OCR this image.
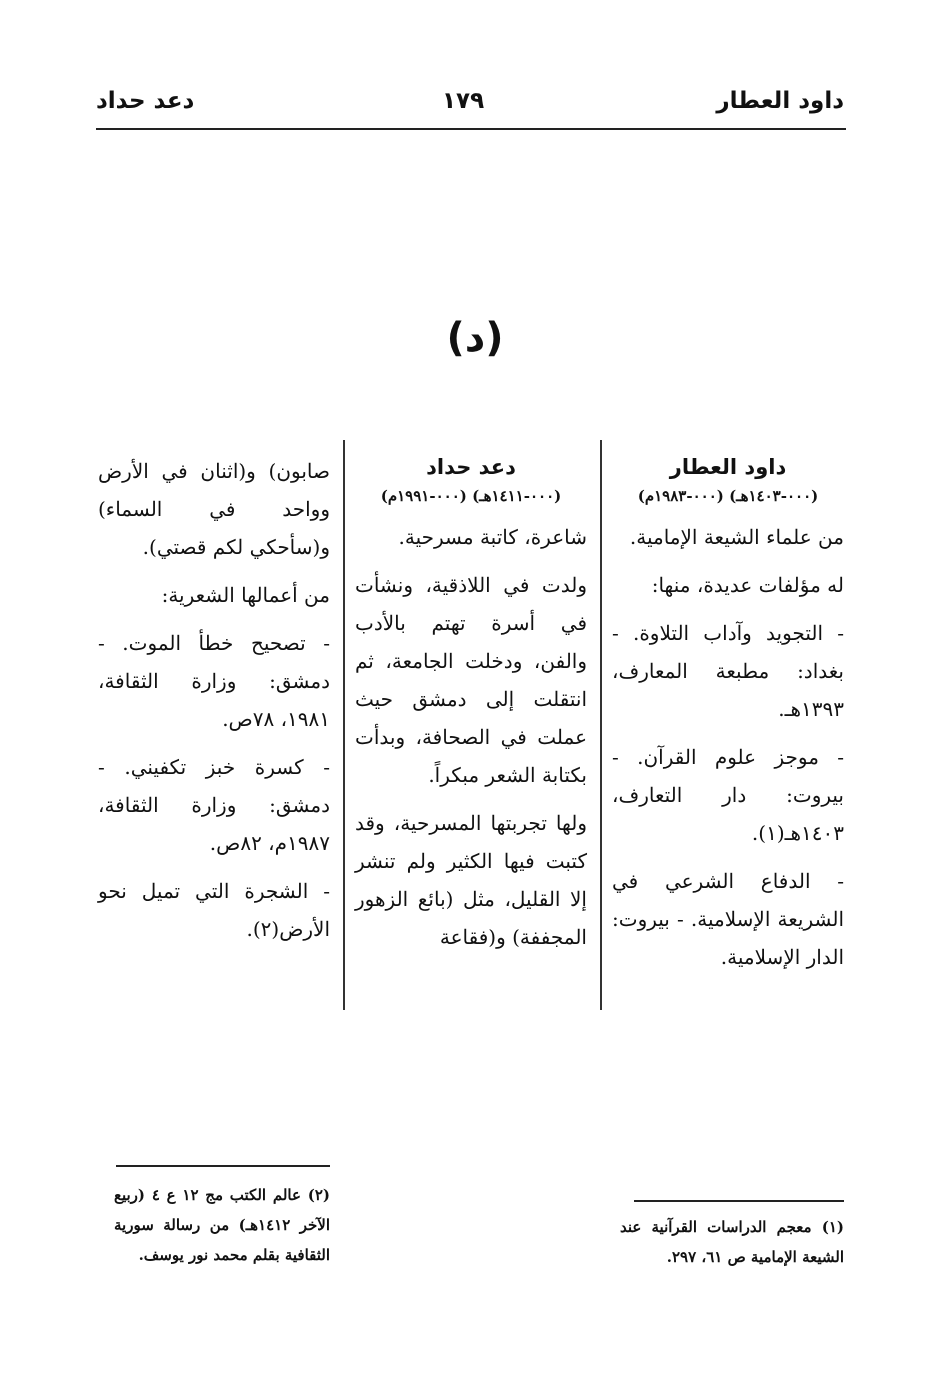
داود العطار
١٧٩
دعد حداد
(د)
داود العطار
(٠٠٠-١٤٠٣هـ) (٠٠٠-١٩٨٣م)

من علماء الشيعة الإمامية.

له مؤلفات عديدة، منها:

- التجويد وآداب التلاوة. - بغداد: مطبعة المعارف، ١٣٩٣هـ.

- موجز علوم القرآن. - بيروت: دار التعارف، ١٤٠٣هـ(١).

- الدفاع الشرعي في الشريعة الإسلامية. - بيروت: الدار الإسلامية.

دعد حداد
(٠٠٠-١٤١١هـ) (٠٠٠-١٩٩١م)

شاعرة، كاتبة مسرحية.

ولدت في اللاذقية، ونشأت في أسرة تهتم بالأدب والفن، ودخلت الجامعة، ثم انتقلت إلى دمشق حيث عملت في الصحافة، وبدأت بكتابة الشعر مبكراً.

ولها تجربتها المسرحية، وقد كتبت فيها الكثير ولم تنشر إلا القليل، مثل (بائع الزهور المجففة) و(فقاعة

صابون) و(اثنان في الأرض وواحد في السماء) و(سأحكي لكم قصتي).

من أعمالها الشعرية:

- تصحيح خطأ الموت. - دمشق: وزارة الثقافة، ١٩٨١، ٧٨ص.

- كسرة خبز تكفيني. - دمشق: وزارة الثقافة، ١٩٨٧م، ٨٢ص.

- الشجرة التي تميل نحو الأرض(٢).

(١) معجم الدراسات القرآنية عند الشيعة الإمامية ص ٦١، ٢٩٧.
(٢) عالم الكتب مج ١٢ ع ٤ (ربيع الآخر ١٤١٢هـ) من رسالة سورية الثقافية بقلم محمد نور يوسف.
